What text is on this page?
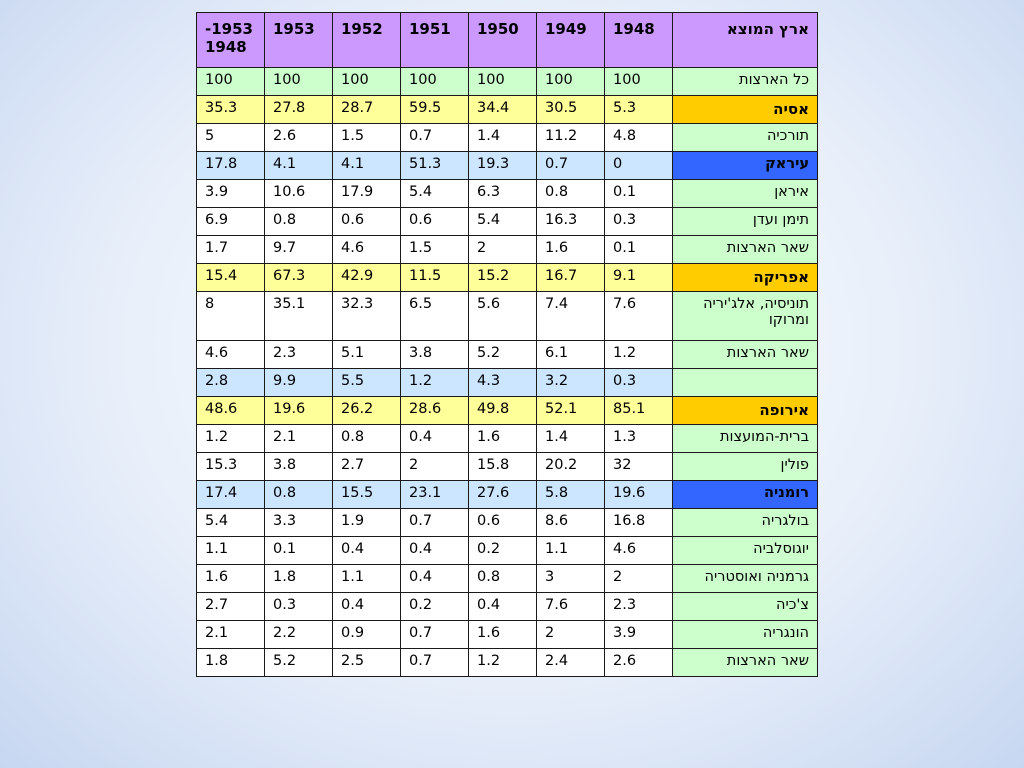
ארץ המוצא	1948	1949	1950	1951	1952	1953	1953-
1948
כל הארצות	100	100	100	100	100	100	100
אסיה	5.3	30.5	34.4	59.5	28.7	27.8	35.3
תורכיה	4.8	11.2	1.4	0.7	1.5	2.6	5
עיראק	0	0.7	19.3	51.3	4.1	4.1	17.8
איראן	0.1	0.8	6.3	5.4	17.9	10.6	3.9
תימן ועדן	0.3	16.3	5.4	0.6	0.6	0.8	6.9
שאר הארצות	0.1	1.6	2	1.5	4.6	9.7	1.7
אפריקה	9.1	16.7	15.2	11.5	42.9	67.3	15.4
תוניסיה, אלג'יריה ומרוקו	7.6	7.4	5.6	6.5	32.3	35.1	8
שאר הארצות	1.2	6.1	5.2	3.8	5.1	2.3	4.6
	0.3	3.2	4.3	1.2	5.5	9.9	2.8
אירופה	85.1	52.1	49.8	28.6	26.2	19.6	48.6
ברית-המועצות	1.3	1.4	1.6	0.4	0.8	2.1	1.2
פולין	32	20.2	15.8	2	2.7	3.8	15.3
רומניה	19.6	5.8	27.6	23.1	15.5	0.8	17.4
בולגריה	16.8	8.6	0.6	0.7	1.9	3.3	5.4
יוגוסלביה	4.6	1.1	0.2	0.4	0.4	0.1	1.1
גרמניה ואוסטריה	2	3	0.8	0.4	1.1	1.8	1.6
צ'כיה	2.3	7.6	0.4	0.2	0.4	0.3	2.7
הונגריה	3.9	2	1.6	0.7	0.9	2.2	2.1
שאר הארצות	2.6	2.4	1.2	0.7	2.5	5.2	1.8
